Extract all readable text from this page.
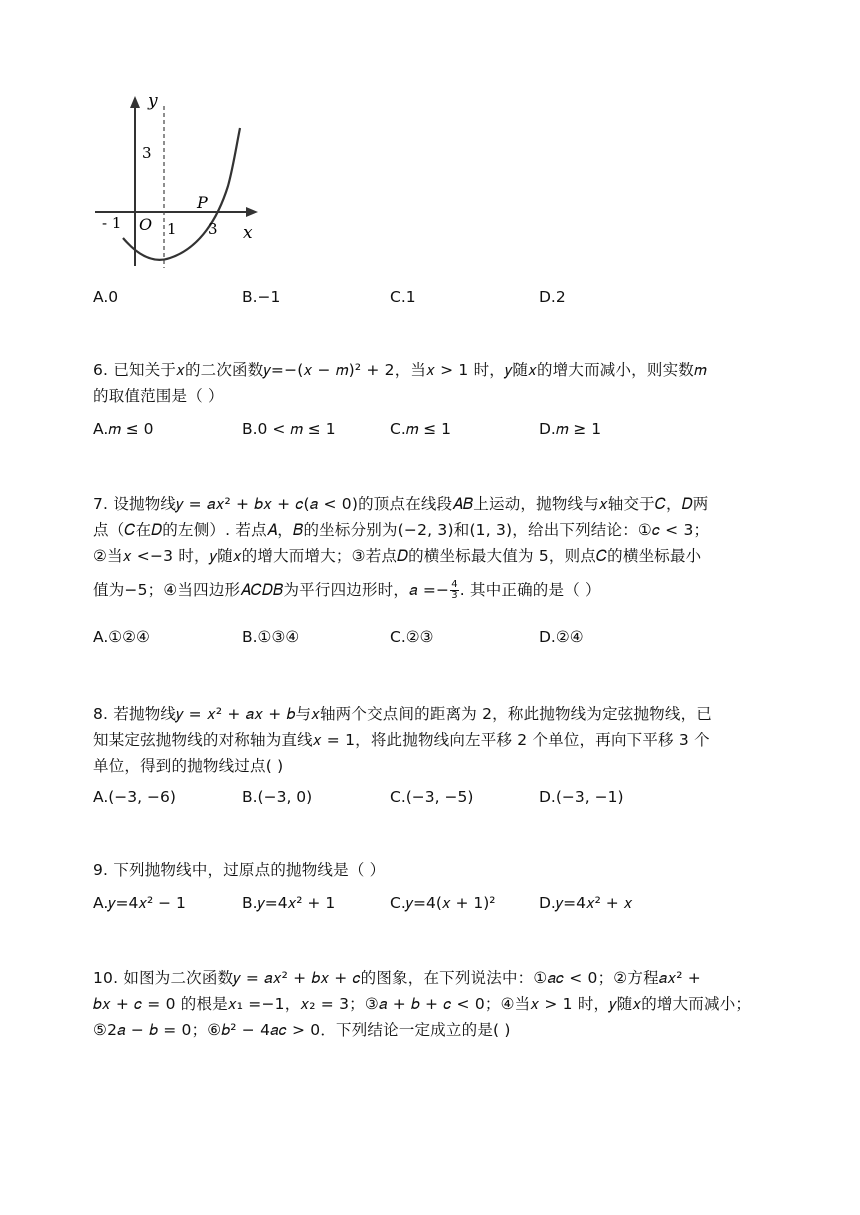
y
x
3
- 1 O 1 3
P
A.0	B.−1	C.1	D.2
6. 已知关于𝑥的二次函数𝑦=−(𝑥 − 𝑚)² + 2，当𝑥 > 1 时，𝑦随𝑥的增大而减小，则实数𝑚
的取值范围是（ ）
A.𝑚 ≤ 0	B.0 < 𝑚 ≤ 1	C.𝑚 ≤ 1	D.𝑚 ≥ 1
7. 设抛物线𝑦 = 𝑎𝑥² + 𝑏𝑥 + 𝑐(𝑎 < 0)的顶点在线段𝐴𝐵上运动，抛物线与𝑥轴交于𝐶，𝐷两
点（𝐶在𝐷的左侧）. 若点𝐴，𝐵的坐标分别为(−2, 3)和(1, 3)，给出下列结论：①𝑐 < 3；
②当𝑥 <−3 时，𝑦随𝑥的增大而增大；③若点𝐷的横坐标最大值为 5，则点𝐶的横坐标最小
值为−5；④当四边形𝐴𝐶𝐷𝐵为平行四边形时，𝑎 =− $\frac{4}{3}$ . 其中正确的是（ ）
A.①②④	B.①③④	C.②③	D.②④
8. 若抛物线𝑦 = 𝑥² + 𝑎𝑥 + 𝑏与𝑥轴两个交点间的距离为 2，称此抛物线为定弦抛物线，已
知某定弦抛物线的对称轴为直线𝑥 = 1，将此抛物线向左平移 2 个单位，再向下平移 3 个
单位，得到的抛物线过点( )
A.(−3, −6)	B.(−3, 0)	C.(−3, −5)	D.(−3, −1)
9. 下列抛物线中，过原点的抛物线是（ ）
A.𝑦=4𝑥² − 1	B.𝑦=4𝑥² + 1	C.𝑦=4(𝑥 + 1)²	D.𝑦=4𝑥² + 𝑥
10. 如图为二次函数𝑦 = 𝑎𝑥² + 𝑏𝑥 + 𝑐的图象，在下列说法中：①𝑎𝑐 < 0；②方程𝑎𝑥² +
𝑏𝑥 + 𝑐 = 0 的根是𝑥₁ =−1，𝑥₂ = 3；③𝑎 + 𝑏 + 𝑐 < 0；④当𝑥 > 1 时，𝑦随𝑥的增大而减小；
⑤2𝑎 − 𝑏 = 0；⑥𝑏² − 4𝑎𝑐 > 0．下列结论一定成立的是( )
